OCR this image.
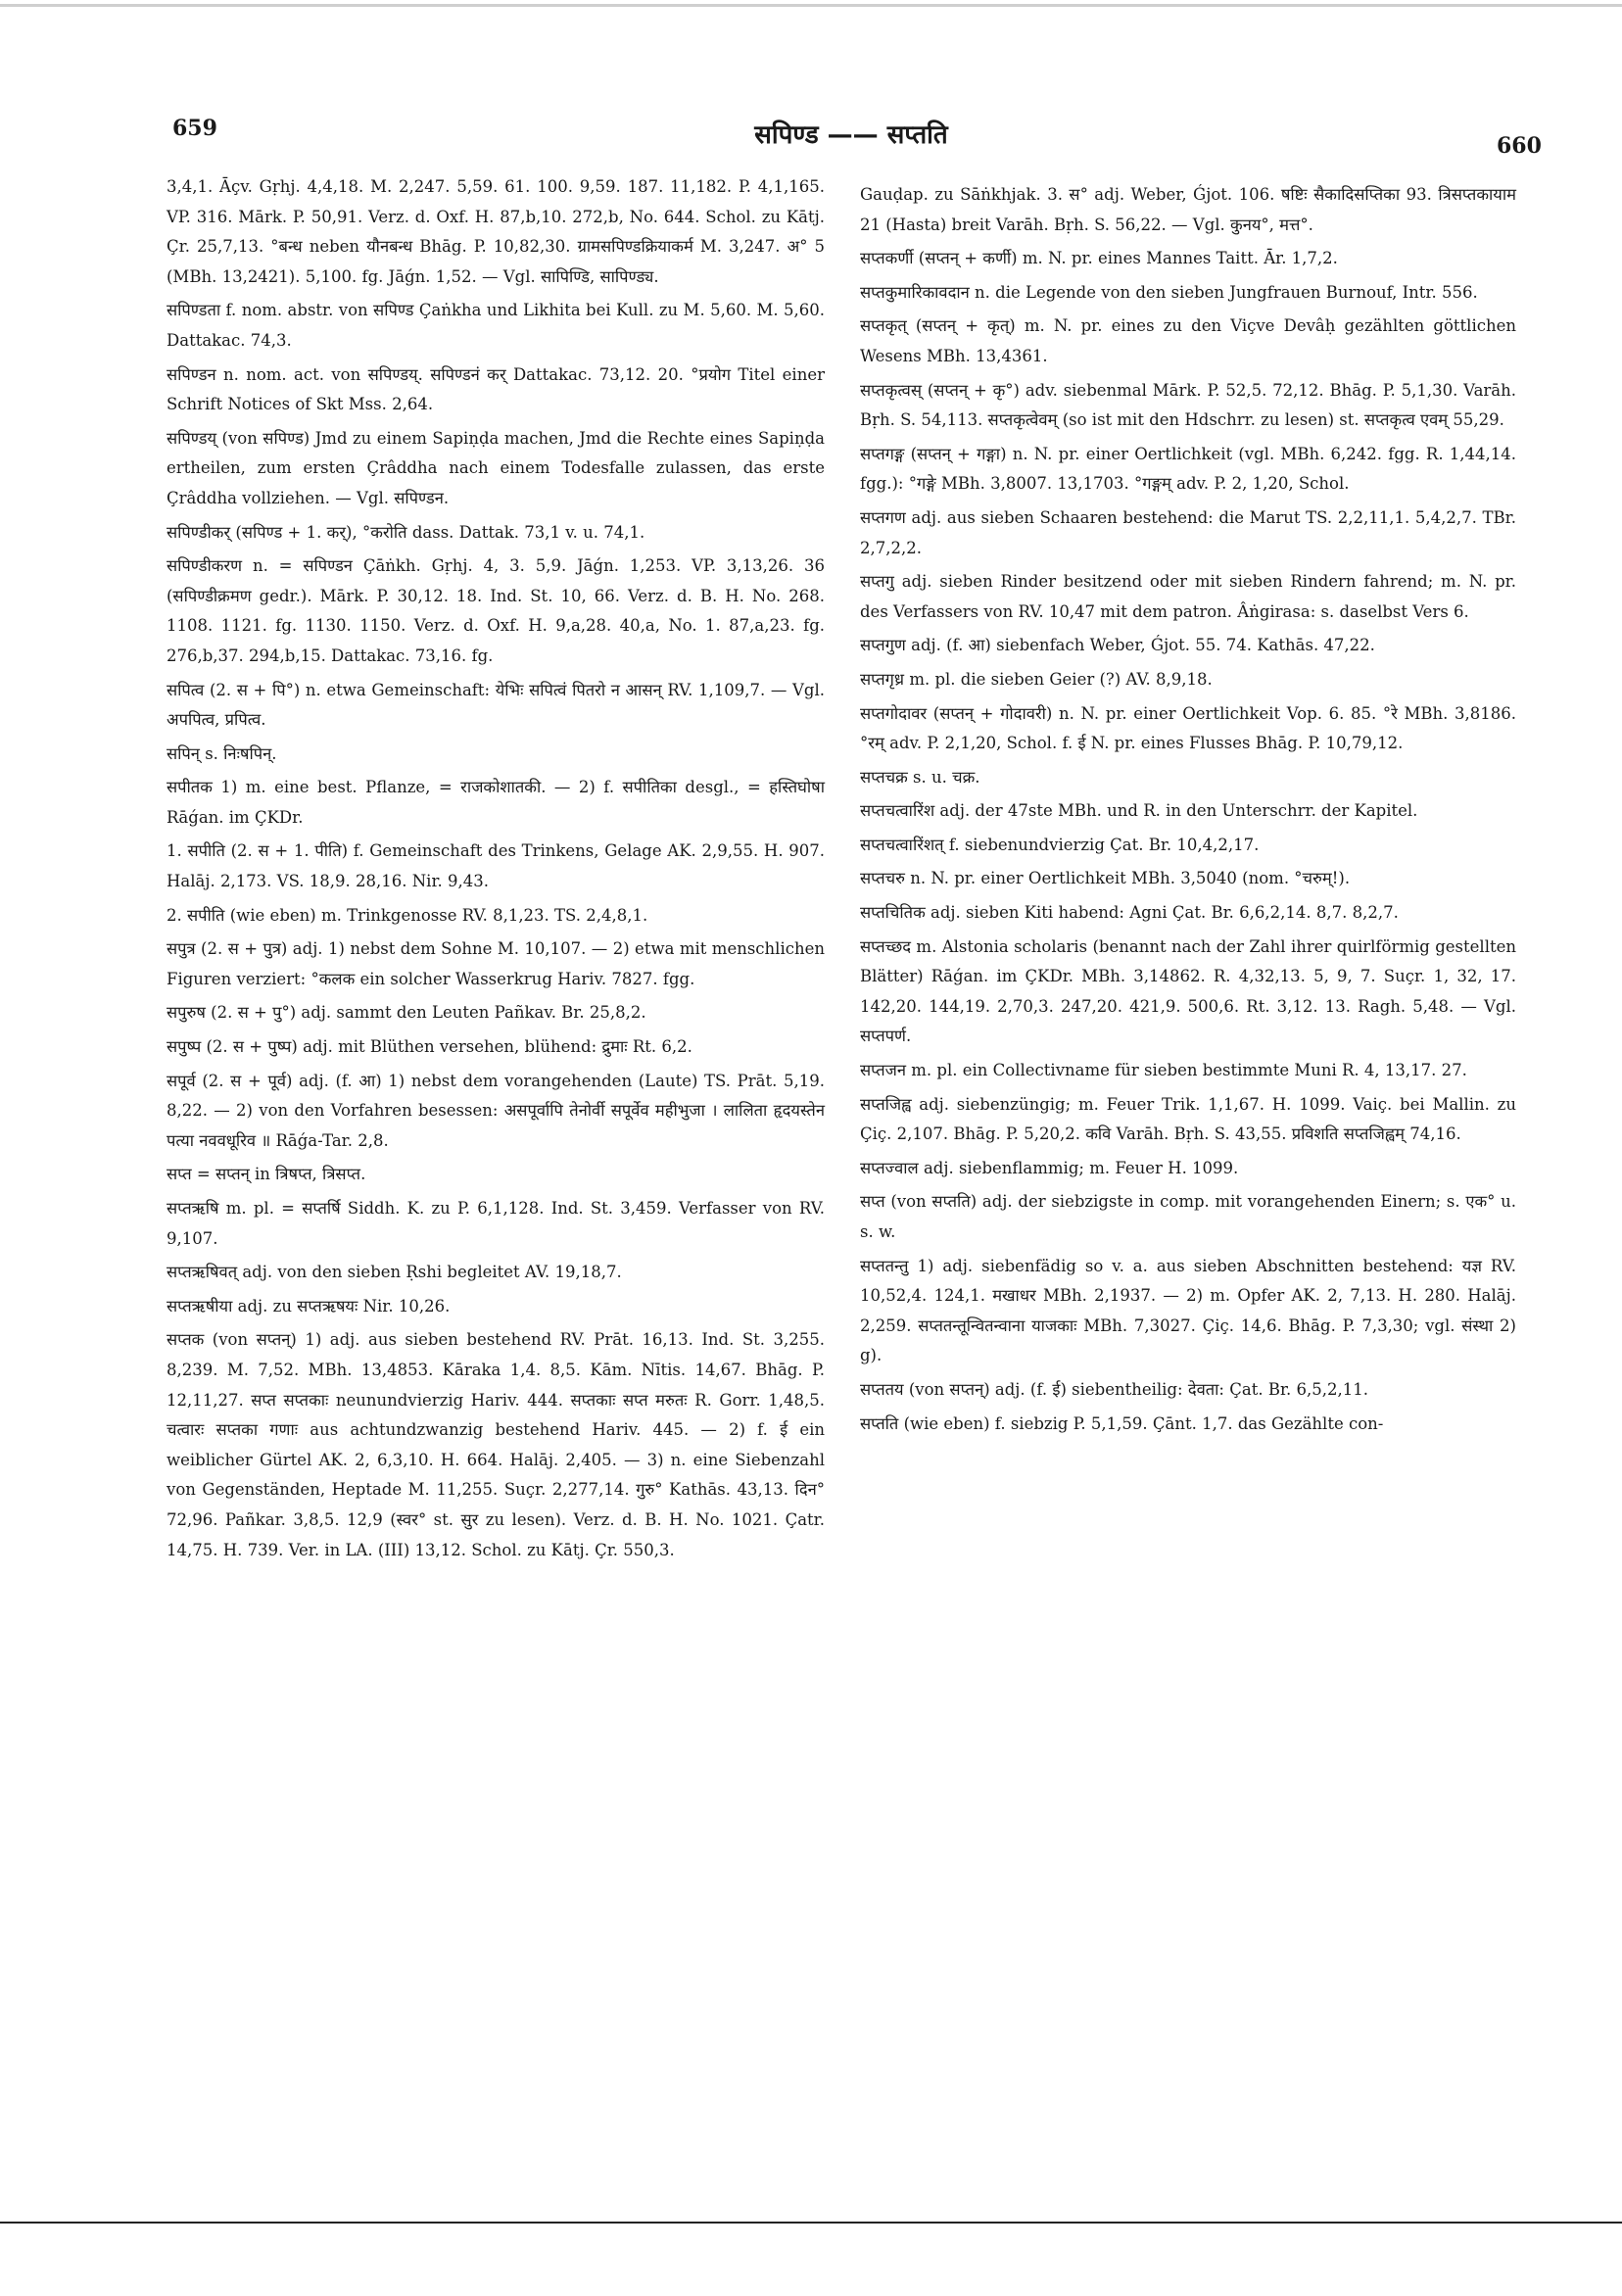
659	सपिण्ड —— सप्तति	660

3,4,1. Āçv. Gṛhj. 4,4,18. M. 2,247. 5,59. 61. 100. 9,59. 187. 11,182. P. 4,1,165. VP. 316. Mārk. P. 50,91. Verz. d. Oxf. H. 87,b,10. 272,b, No. 644. Schol. zu Kātj. Çr. 25,7,13. °बन्ध neben यौनबन्ध Bhāg. P. 10,82,30. ग्रामसपिण्डक्रियाकर्म M. 3,247. अ° 5 (MBh. 13,2421). 5,100. fg. Jāǵn. 1,52. — Vgl. सापिण्डि, सापिण्ड्य.

सपिण्डता f. nom. abstr. von सपिण्ड Çaṅkha und Likhita bei Kull. zu M. 5,60. M. 5,60. Dattakac. 74,3.

सपिण्डन n. nom. act. von सपिण्डय्. सपिण्डनं कर् Dattakac. 73,12. 20. °प्रयोग Titel einer Schrift Notices of Skt Mss. 2,64.

सपिण्डय् (von सपिण्ड) Jmd zu einem Sapiṇḍa machen, Jmd die Rechte eines Sapiṇḍa ertheilen, zum ersten Çrâddha nach einem Todesfalle zulassen, das erste Çrâddha vollziehen. — Vgl. सपिण्डन.

सपिण्डीकर् (सपिण्ड + 1. कर्), °करोति dass. Dattak. 73,1 v. u. 74,1.

सपिण्डीकरण n. = सपिण्डन Çāṅkh. Gṛhj. 4, 3. 5,9. Jāǵn. 1,253. VP. 3,13,26. 36 (सपिण्डीक्रमण gedr.). Mārk. P. 30,12. 18. Ind. St. 10, 66. Verz. d. B. H. No. 268. 1108. 1121. fg. 1130. 1150. Verz. d. Oxf. H. 9,a,28. 40,a, No. 1. 87,a,23. fg. 276,b,37. 294,b,15. Dattakac. 73,16. fg.

सपित्व (2. स + पि°) n. etwa Gemeinschaft: येभिः सपित्वं पितरो न आसन् RV. 1,109,7. — Vgl. अपपित्व, प्रपित्व.

सपिन् s. निःषपिन्.

सपीतक 1) m. eine best. Pflanze, = राजकोशातकी. — 2) f. सपीतिका desgl., = हस्तिघोषा Rāǵan. im ÇKDr.

1. सपीति (2. स + 1. पीति) f. Gemeinschaft des Trinkens, Gelage AK. 2,9,55. H. 907. Halāj. 2,173. VS. 18,9. 28,16. Nir. 9,43.

2. सपीति (wie eben) m. Trinkgenosse RV. 8,1,23. TS. 2,4,8,1.

सपुत्र (2. स + पुत्र) adj. 1) nebst dem Sohne M. 10,107. — 2) etwa mit menschlichen Figuren verziert: °कलक ein solcher Wasserkrug Hariv. 7827. fgg.

सपुरुष (2. स + पु°) adj. sammt den Leuten Pañkav. Br. 25,8,2.

सपुष्प (2. स + पुष्प) adj. mit Blüthen versehen, blühend: द्रुमाः Rt. 6,2.

सपूर्व (2. स + पूर्व) adj. (f. आ) 1) nebst dem vorangehenden (Laute) TS. Prāt. 5,19. 8,22. — 2) von den Vorfahren besessen: असपूर्वापि तेनोर्वी सपूर्वेव महीभुजा । लालिता हृदयस्तेन पत्या नववधूरिव ॥ Rāǵa-Tar. 2,8.

सप्त = सप्तन् in त्रिषप्त, त्रिसप्त.

सप्तऋषि m. pl. = सप्तर्षि Siddh. K. zu P. 6,1,128. Ind. St. 3,459. Verfasser von RV. 9,107.

सप्तऋषिवत् adj. von den sieben Ṛshi begleitet AV. 19,18,7.

सप्तऋषीया adj. zu सप्तऋषयः Nir. 10,26.

सप्तक (von सप्तन्) 1) adj. aus sieben bestehend RV. Prāt. 16,13. Ind. St. 3,255. 8,239. M. 7,52. MBh. 13,4853. Kāraka 1,4. 8,5. Kām. Nītis. 14,67. Bhāg. P. 12,11,27. सप्त सप्तकाः neunundvierzig Hariv. 444. सप्तकाः सप्त मरुतः R. Gorr. 1,48,5. चत्वारः सप्तका गणाः aus achtundzwanzig bestehend Hariv. 445. — 2) f. ई ein weiblicher Gürtel AK. 2, 6,3,10. H. 664. Halāj. 2,405. — 3) n. eine Siebenzahl von Gegenständen, Heptade M. 11,255. Suçr. 2,277,14. गुरु° Kathās. 43,13. दिन° 72,96. Pañkar. 3,8,5. 12,9 (स्वर° st. सुर zu lesen). Verz. d. B. H. No. 1021. Çatr. 14,75. H. 739. Ver. in LA. (III) 13,12. Schol. zu Kātj. Çr. 550,3.

Gauḍap. zu Sāṅkhjak. 3. स° adj. Weber, Ǵjot. 106. षष्टिः सैकादिसप्तिका 93. त्रिसप्तकायाम 21 (Hasta) breit Varāh. Bṛh. S. 56,22. — Vgl. कुनय°, मत्त°.

सप्तकर्णी (सप्तन् + कर्णी) m. N. pr. eines Mannes Taitt. Ār. 1,7,2.

सप्तकुमारिकावदान n. die Legende von den sieben Jungfrauen Burnouf, Intr. 556.

सप्तकृत् (सप्तन् + कृत्) m. N. pr. eines zu den Viçve Devâḥ gezählten göttlichen Wesens MBh. 13,4361.

सप्तकृत्वस् (सप्तन् + कृ°) adv. siebenmal Mārk. P. 52,5. 72,12. Bhāg. P. 5,1,30. Varāh. Bṛh. S. 54,113. सप्तकृत्वेवम् (so ist mit den Hdschrr. zu lesen) st. सप्तकृत्व एवम् 55,29.

सप्तगङ्ग (सप्तन् + गङ्गा) n. N. pr. einer Oertlichkeit (vgl. MBh. 6,242. fgg. R. 1,44,14. fgg.): °गङ्गे MBh. 3,8007. 13,1703. °गङ्गम् adv. P. 2, 1,20, Schol.

सप्तगण adj. aus sieben Schaaren bestehend: die Marut TS. 2,2,11,1. 5,4,2,7. TBr. 2,7,2,2.

सप्तगु adj. sieben Rinder besitzend oder mit sieben Rindern fahrend; m. N. pr. des Verfassers von RV. 10,47 mit dem patron. Âṅgirasa: s. daselbst Vers 6.

सप्तगुण adj. (f. आ) siebenfach Weber, Ǵjot. 55. 74. Kathās. 47,22.

सप्तगृध्र m. pl. die sieben Geier (?) AV. 8,9,18.

सप्तगोदावर (सप्तन् + गोदावरी) n. N. pr. einer Oertlichkeit Vop. 6. 85. °रे MBh. 3,8186. °रम् adv. P. 2,1,20, Schol. f. ई N. pr. eines Flusses Bhāg. P. 10,79,12.

सप्तचक्र s. u. चक्र.

सप्तचत्वारिंश adj. der 47ste MBh. und R. in den Unterschrr. der Kapitel.

सप्तचत्वारिंशत् f. siebenundvierzig Çat. Br. 10,4,2,17.

सप्तचरु n. N. pr. einer Oertlichkeit MBh. 3,5040 (nom. °चरुम्!).

सप्तचितिक adj. sieben Kiti habend: Agni Çat. Br. 6,6,2,14. 8,7. 8,2,7.

सप्तच्छद m. Alstonia scholaris (benannt nach der Zahl ihrer quirlförmig gestellten Blätter) Rāǵan. im ÇKDr. MBh. 3,14862. R. 4,32,13. 5, 9, 7. Suçr. 1, 32, 17. 142,20. 144,19. 2,70,3. 247,20. 421,9. 500,6. Rt. 3,12. 13. Ragh. 5,48. — Vgl. सप्तपर्ण.

सप्तजन m. pl. ein Collectivname für sieben bestimmte Muni R. 4, 13,17. 27.

सप्तजिह्व adj. siebenzüngig; m. Feuer Trik. 1,1,67. H. 1099. Vaiç. bei Mallin. zu Çiç. 2,107. Bhāg. P. 5,20,2. कवि Varāh. Bṛh. S. 43,55. प्रविशति सप्तजिह्वम् 74,16.

सप्तज्वाल adj. siebenflammig; m. Feuer H. 1099.

सप्त (von सप्तति) adj. der siebzigste in comp. mit vorangehenden Einern; s. एक° u. s. w.

सप्ततन्तु 1) adj. siebenfädig so v. a. aus sieben Abschnitten bestehend: यज्ञ RV. 10,52,4. 124,1. मखाधर MBh. 2,1937. — 2) m. Opfer AK. 2, 7,13. H. 280. Halāj. 2,259. सप्ततन्तून्वितन्वाना याजकाः MBh. 7,3027. Çiç. 14,6. Bhāg. P. 7,3,30; vgl. संस्था 2) g).

सप्ततय (von सप्तन्) adj. (f. ई) siebentheilig: देवता: Çat. Br. 6,5,2,11.

सप्तति (wie eben) f. siebzig P. 5,1,59. Çānt. 1,7. das Gezählte con-
